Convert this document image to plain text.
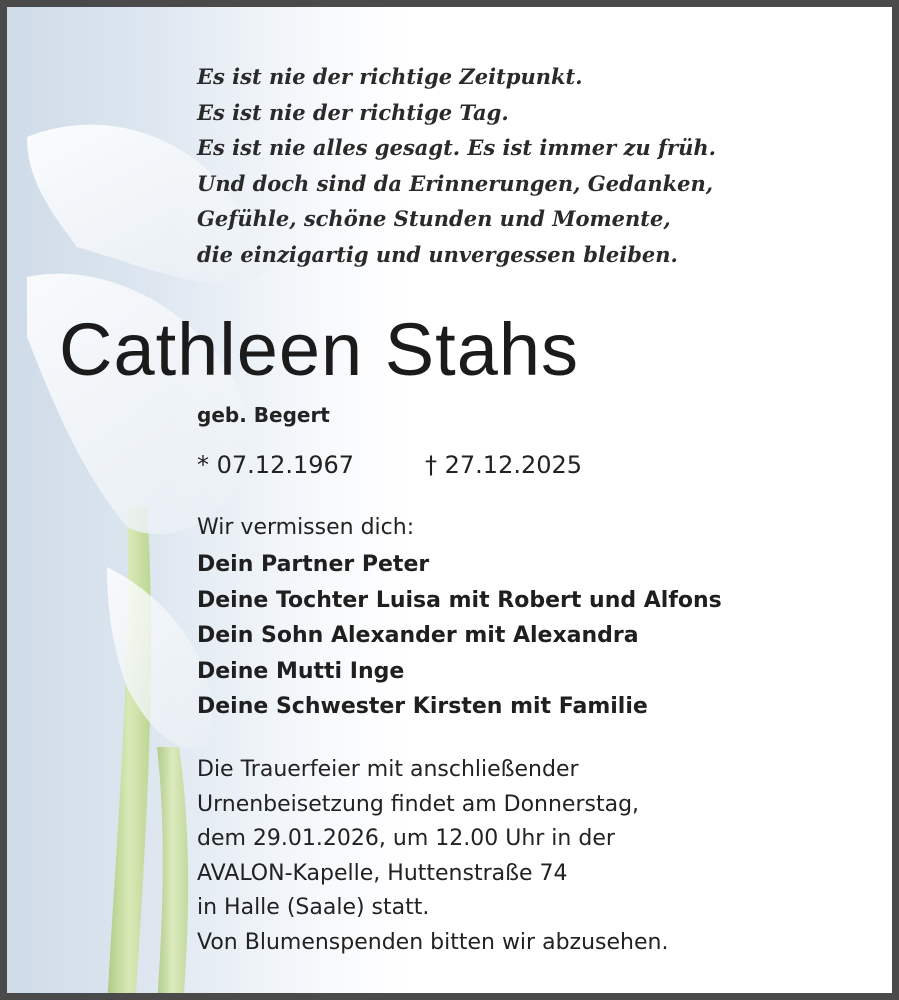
Es ist nie der richtige Zeitpunkt.
Es ist nie der richtige Tag.
Es ist nie alles gesagt. Es ist immer zu früh.
Und doch sind da Erinnerungen, Gedanken,
Gefühle, schöne Stunden und Momente,
die einzigartig und unvergessen bleiben.
Cathleen Stahs
geb. Begert
* 07.12.1967	† 27.12.2025
Wir vermissen dich:
Dein Partner Peter
Deine Tochter Luisa mit Robert und Alfons
Dein Sohn Alexander mit Alexandra
Deine Mutti Inge
Deine Schwester Kirsten mit Familie
Die Trauerfeier mit anschließender
Urnenbeisetzung findet am Donnerstag,
dem 29.01.2026, um 12.00 Uhr in der
AVALON-Kapelle, Huttenstraße 74
in Halle (Saale) statt.
Von Blumenspenden bitten wir abzusehen.
